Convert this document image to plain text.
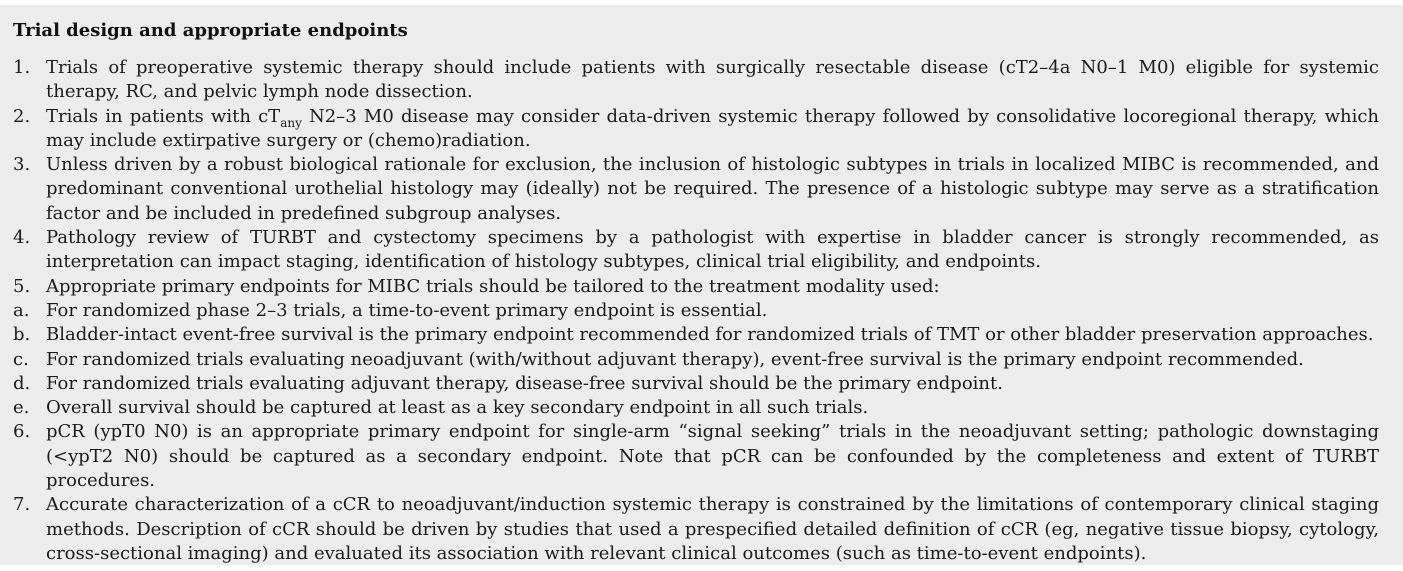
Trial design and appropriate endpoints
1. Trials of preoperative systemic therapy should include patients with surgically resectable disease (cT2–4a N0–1 M0) eligible for systemic therapy, RC, and pelvic lymph node dissection.
2. Trials in patients with $cT_{any}$ N2–3 M0 disease may consider data-driven systemic therapy followed by consolidative locoregional therapy, which may include extirpative surgery or (chemo)radiation.
3. Unless driven by a robust biological rationale for exclusion, the inclusion of histologic subtypes in trials in localized MIBC is recommended, and predominant conventional urothelial histology may (ideally) not be required. The presence of a histologic subtype may serve as a stratification factor and be included in predefined subgroup analyses.
4. Pathology review of TURBT and cystectomy specimens by a pathologist with expertise in bladder cancer is strongly recommended, as interpretation can impact staging, identification of histology subtypes, clinical trial eligibility, and endpoints.
5. Appropriate primary endpoints for MIBC trials should be tailored to the treatment modality used:
a. For randomized phase 2–3 trials, a time-to-event primary endpoint is essential.
b. Bladder-intact event-free survival is the primary endpoint recommended for randomized trials of TMT or other bladder preservation approaches.
c. For randomized trials evaluating neoadjuvant (with/without adjuvant therapy), event-free survival is the primary endpoint recommended.
d. For randomized trials evaluating adjuvant therapy, disease-free survival should be the primary endpoint.
e. Overall survival should be captured at least as a key secondary endpoint in all such trials.
6. pCR (ypT0 N0) is an appropriate primary endpoint for single-arm “signal seeking” trials in the neoadjuvant setting; pathologic downstaging (<ypT2 N0) should be captured as a secondary endpoint. Note that pCR can be confounded by the completeness and extent of TURBT procedures.
7. Accurate characterization of a cCR to neoadjuvant/induction systemic therapy is constrained by the limitations of contemporary clinical staging methods. Description of cCR should be driven by studies that used a prespecified detailed definition of cCR (eg, negative tissue biopsy, cytology, cross-sectional imaging) and evaluated its association with relevant clinical outcomes (such as time-to-event endpoints).
